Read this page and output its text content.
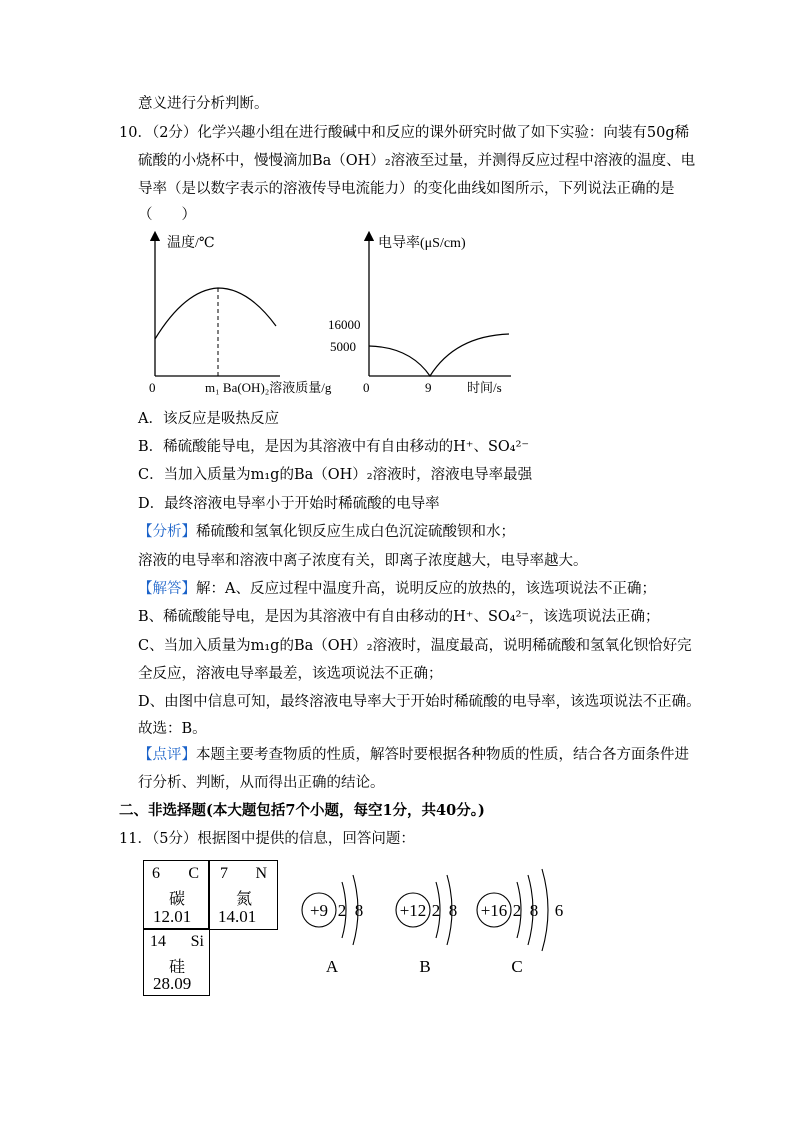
意义进行分析判断。
10．（2分）化学兴趣小组在进行酸碱中和反应的课外研究时做了如下实验：向装有50g稀
硫酸的小烧杯中，慢慢滴加Ba（OH）₂溶液至过量，并测得反应过程中溶液的温度、电
导率（是以数字表示的溶液传导电流能力）的变化曲线如图所示，下列说法正确的是
（　　）
温度/℃
0	m₁ Ba(OH)₂溶液质量/g
电导率(μS/cm)
16000
5000
0	9	时间/s
A．该反应是吸热反应
B．稀硫酸能导电，是因为其溶液中有自由移动的H⁺、SO₄²⁻
C．当加入质量为m₁g的Ba（OH）₂溶液时，溶液电导率最强
D．最终溶液电导率小于开始时稀硫酸的电导率
【分析】稀硫酸和氢氧化钡反应生成白色沉淀硫酸钡和水；
溶液的电导率和溶液中离子浓度有关，即离子浓度越大，电导率越大。
【解答】解：A、反应过程中温度升高，说明反应的放热的，该选项说法不正确；
B、稀硫酸能导电，是因为其溶液中有自由移动的H⁺、SO₄²⁻，该选项说法正确；
C、当加入质量为m₁g的Ba（OH）₂溶液时，温度最高，说明稀硫酸和氢氧化钡恰好完
全反应，溶液电导率最差，该选项说法不正确；
D、由图中信息可知，最终溶液电导率大于开始时稀硫酸的电导率，该选项说法不正确。
故选：B。
【点评】本题主要考查物质的性质，解答时要根据各种物质的性质，结合各方面条件进
行分析、判断，从而得出正确的结论。
二、非选择题(本大题包括7个小题，每空1分，共40分。)
11．（5分）根据图中提供的信息，回答问题：
6 C
碳
12.01
7 N
氮
14.01
14 Si
硅
28.09
+9 2 8
A
+12 2 8
B
+16 2 8 6
C
